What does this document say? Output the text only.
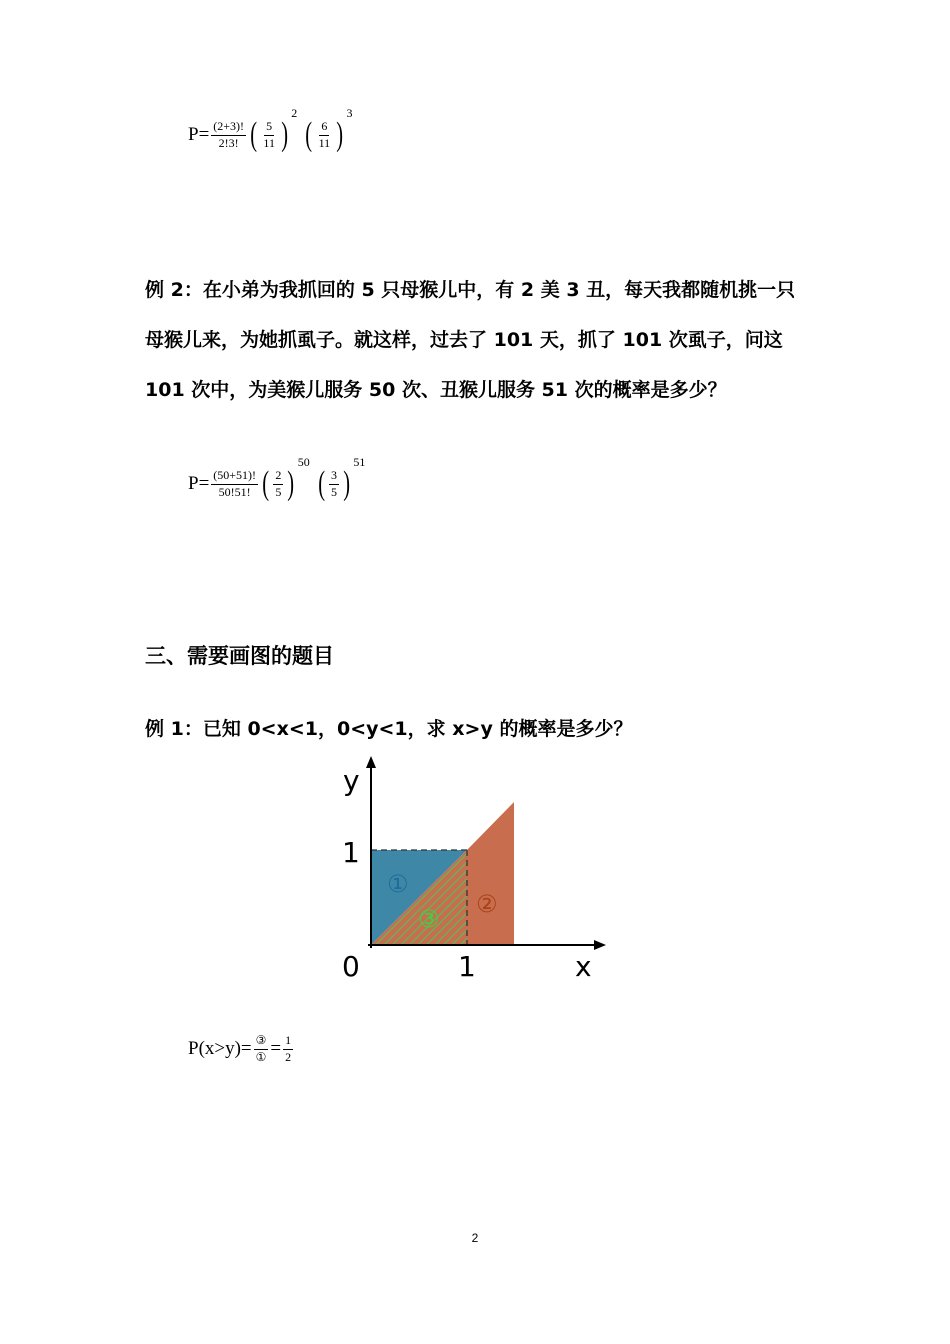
$P= \frac{(2+3)!}{2!3!}$ ( $\frac{5}{11}$ )
2
( $\frac{6}{11}$ )
3
例 2：在小弟为我抓回的 5 只母猴儿中，有 2 美 3 丑，每天我都随机挑一只母猴儿来，为她抓虱子。就这样，过去了 101 天，抓了 101 次虱子，问这 101 次中，为美猴儿服务 50 次、丑猴儿服务 51 次的概率是多少？
$P= \frac{(50+51)!}{50!51!}$ ( $\frac{2}{5}$ )
50
( $\frac{3}{5}$ )
51
三、需要画图的题目
例 1：已知 0<x<1，0<y<1，求 x>y 的概率是多少？
y
1
0	1	x
①
②
③
$P(x>y)= \frac{\text{③}}{\text{①}} = \frac{1}{2}$
2
